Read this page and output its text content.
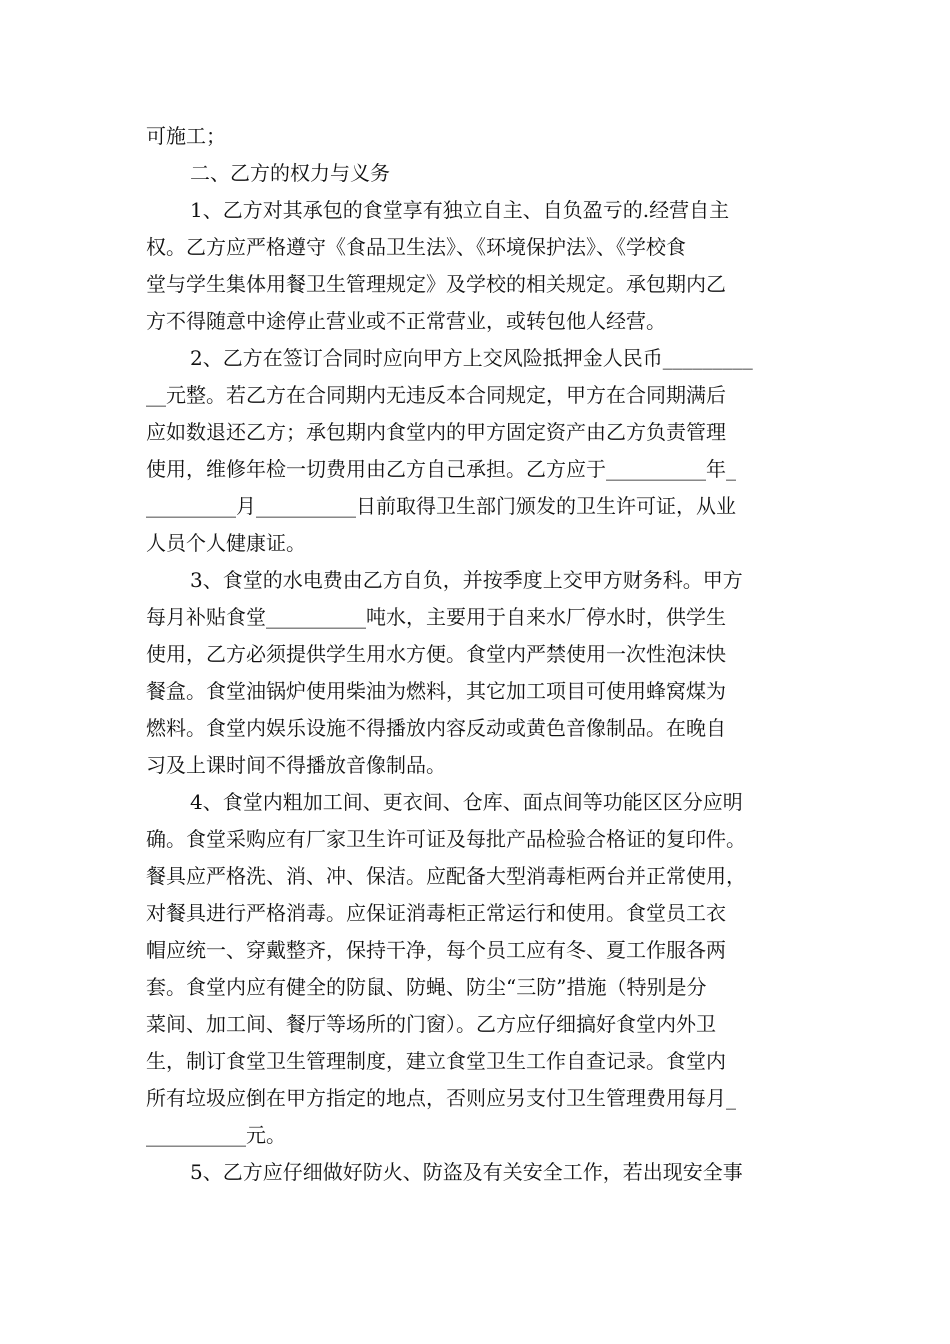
可施工；
二、乙方的权力与义务
1、乙方对其承包的食堂享有独立自主、自负盈亏的.经营自主
权。乙方应严格遵守《食品卫生法》、《环境保护法》、《学校食
堂与学生集体用餐卫生管理规定》及学校的相关规定。承包期内乙
方不得随意中途停止营业或不正常营业，或转包他人经营。
2、乙方在签订合同时应向甲方上交风险抵押金人民币_________
__元整。若乙方在合同期内无违反本合同规定，甲方在合同期满后
应如数退还乙方；承包期内食堂内的甲方固定资产由乙方负责管理
使用，维修年检一切费用由乙方自己承担。乙方应于__________年_
_________月__________日前取得卫生部门颁发的卫生许可证，从业
人员个人健康证。
3、食堂的水电费由乙方自负，并按季度上交甲方财务科。甲方
每月补贴食堂__________吨水，主要用于自来水厂停水时，供学生
使用，乙方必须提供学生用水方便。食堂内严禁使用一次性泡沫快
餐盒。食堂油锅炉使用柴油为燃料，其它加工项目可使用蜂窝煤为
燃料。食堂内娱乐设施不得播放内容反动或黄色音像制品。在晚自
习及上课时间不得播放音像制品。
4、食堂内粗加工间、更衣间、仓库、面点间等功能区区分应明
确。食堂采购应有厂家卫生许可证及每批产品检验合格证的复印件。
餐具应严格洗、消、冲、保洁。应配备大型消毒柜两台并正常使用，
对餐具进行严格消毒。应保证消毒柜正常运行和使用。食堂员工衣
帽应统一、穿戴整齐，保持干净，每个员工应有冬、夏工作服各两
套。食堂内应有健全的防鼠、防蝇、防尘“三防”措施（特别是分
菜间、加工间、餐厅等场所的门窗）。乙方应仔细搞好食堂内外卫
生，制订食堂卫生管理制度，建立食堂卫生工作自查记录。食堂内
所有垃圾应倒在甲方指定的地点，否则应另支付卫生管理费用每月_
__________元。
5、乙方应仔细做好防火、防盗及有关安全工作，若出现安全事
